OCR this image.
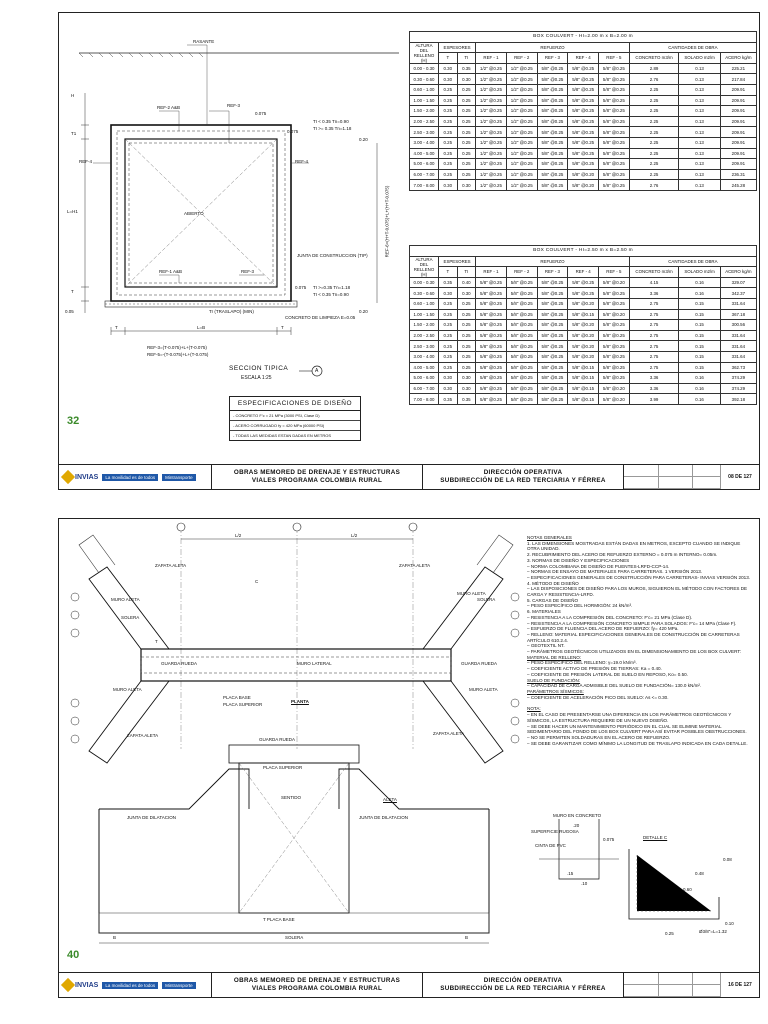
RASANTE
REF-2 A&B	REF-3
0.075
0.075
REF-4	REF-4
ABIERTO
REF-1 A&B	REF-3
0.05
T1
H
L=H1
T
L=B
T	T
TI < 0.35 Tn=0.90
TI >= 0.35 Tn=1.18
0.20
JUNTA DE CONSTRUCCION (TIP)
TI >=0.35 Tn=1.18
TI < 0.35 Tn=0.90
0.075
0.20
Tr (TRASLAPO) (MIN)
CONCRETO DE LIMPIEZA E=0.05
REF-3=(T-0.075)+L+(T-0.075)
REF-5=-(T-0.075)+L+(T-0.075)
REF-6=(H+T-0.075)+L+(H+T-0.075)
SECCION TIPICA	A
ESCALA 1:25
ESPECIFICACIONES DE DISEÑO
- CONCRETO F'c = 21 MPa (3000 PSI, Clase D)
- ACERO CORRUGADO fy = 420 MPa (60000 PSI)
- TODAS LAS MEDIDAS ESTAN DADAS EN METROS
BOX COULVERT - HI=2.00 m x B=2.00 m										
ALTURA DEL RELLENO (H)	ESPESORES		REFUERZO					CANTIDADES DE OBRA		
	T	TI	REF - 1	REF - 2	REF - 3	REF - 4	REF - 5	CONCRETO m3/m	SOLADO m2/m	ACERO kg/m
0.00 - 0.30	0.30	0.35	1/2" @0.25	1/2" @0.25	5/8" @0.25	5/8" @0.25	5/8" @0.25	2.89	0.13	225.21
0.30 - 0.60	0.30	0.30	1/2" @0.25	1/2" @0.25	5/8" @0.25	5/8" @0.25	5/8" @0.25	2.76	0.13	217.84
0.60 - 1.00	0.25	0.25	1/2" @0.25	1/2" @0.25	5/8" @0.25	5/8" @0.25	5/8" @0.25	2.25	0.13	209.91
1.00 - 1.50	0.25	0.25	1/2" @0.25	1/2" @0.25	5/8" @0.25	5/8" @0.25	5/8" @0.25	2.25	0.13	209.91
1.50 - 2.00	0.25	0.25	1/2" @0.25	1/2" @0.25	5/8" @0.25	5/8" @0.25	5/8" @0.25	2.25	0.13	209.91
2.00 - 2.50	0.25	0.25	1/2" @0.25	1/2" @0.25	5/8" @0.25	5/8" @0.25	5/8" @0.25	2.25	0.13	209.91
2.50 - 3.00	0.25	0.25	1/2" @0.25	1/2" @0.25	5/8" @0.25	5/8" @0.25	5/8" @0.25	2.25	0.13	209.91
3.00 - 4.00	0.25	0.25	1/2" @0.25	1/2" @0.25	5/8" @0.25	5/8" @0.25	5/8" @0.25	2.25	0.13	209.91
4.00 - 5.00	0.25	0.25	1/2" @0.25	1/2" @0.25	5/8" @0.25	5/8" @0.25	5/8" @0.25	2.25	0.13	209.91
5.00 - 6.00	0.25	0.25	1/2" @0.25	1/2" @0.25	5/8" @0.25	5/8" @0.25	5/8" @0.25	2.25	0.13	209.91
6.00 - 7.00	0.25	0.25	1/2" @0.25	1/2" @0.25	5/8" @0.25	5/8" @0.20	5/8" @0.25	2.25	0.13	236.31
7.00 - 8.00	0.30	0.30	1/2" @0.25	1/2" @0.25	5/8" @0.25	5/8" @0.20	5/8" @0.25	2.76	0.13	245.28
BOX COULVERT - HI=2.50 m x B=2.50 m										
ALTURA DEL RELLENO (H)	ESPESORES		REFUERZO					CANTIDADES DE OBRA		
	T	TI	REF - 1	REF - 2	REF - 3	REF - 4	REF - 5	CONCRETO m3/m	SOLADO m2/m	ACERO kg/m
0.00 - 0.30	0.35	0.40	5/8" @0.25	5/8" @0.25	5/8" @0.25	5/8" @0.25	5/8" @0.20	4.15	0.16	329.07
0.30 - 0.60	0.30	0.30	5/8" @0.25	5/8" @0.25	5/8" @0.25	5/8" @0.25	5/8" @0.25	3.36	0.16	342.37
0.60 - 1.00	0.25	0.25	5/8" @0.25	5/8" @0.25	5/8" @0.25	5/8" @0.20	5/8" @0.25	2.75	0.15	331.64
1.00 - 1.50	0.25	0.25	5/8" @0.25	5/8" @0.25	5/8" @0.25	5/8" @0.15	5/8" @0.20	2.75	0.15	367.18
1.50 - 2.00	0.25	0.25	5/8" @0.25	5/8" @0.25	5/8" @0.25	5/8" @0.20	5/8" @0.25	2.75	0.15	300.56
2.00 - 2.50	0.25	0.25	5/8" @0.25	5/8" @0.25	5/8" @0.25	5/8" @0.20	5/8" @0.25	2.75	0.15	331.64
2.50 - 3.00	0.25	0.25	5/8" @0.25	5/8" @0.25	5/8" @0.25	5/8" @0.20	5/8" @0.25	2.75	0.15	331.64
3.00 - 4.00	0.25	0.25	5/8" @0.25	5/8" @0.25	5/8" @0.25	5/8" @0.20	5/8" @0.25	2.75	0.15	331.64
4.00 - 5.00	0.25	0.25	5/8" @0.25	5/8" @0.25	5/8" @0.25	5/8" @0.15	5/8" @0.25	2.75	0.15	362.73
5.00 - 6.00	0.30	0.30	5/8" @0.25	5/8" @0.25	5/8" @0.25	5/8" @0.15	5/8" @0.25	3.36	0.16	374.29
6.00 - 7.00	0.30	0.30	5/8" @0.25	5/8" @0.25	5/8" @0.25	5/8" @0.15	5/8" @0.20	3.36	0.16	374.29
7.00 - 8.00	0.35	0.35	5/8" @0.25	5/8" @0.25	5/8" @0.25	5/8" @0.15	5/8" @0.20	3.99	0.16	392.18
32
INVIAS	La movilidad es de todos	Mintransporte
OBRAS MEMORED DE DRENAJE Y ESTRUCTURAS
VIALES PROGRAMA COLOMBIA RURAL
DIRECCIÓN OPERATIVA
SUBDIRECCIÓN DE LA RED TERCIARIA Y FÉRREA	08 DE 127
L/2	L/2
ZAPATA ALETA	ZAPATA ALETA
MURO ALETA
MURO ALETA
SOLERA
SOLERA
GUARDA RUEDA	GUARDA RUEDA
MURO LATERAL
C
T
MURO ALETA	MURO ALETA
PLACA BASE
PLACA SUPERIOR
PLANTA
ZAPATA ALETA	ZAPATA ALETA
GUARDA RUEDA
PLACA SUPERIOR
SENTIDO	ALETA
JUNTA DE DILATACION	JUNTA DE DILATACION
T PLACA BASE
SOLERA
B	B
MURO EN CONCRETO
SUPERFICIE RUGOSA
CINTA DE PVC
.20
0.075
.15
.10
DETALLE C
0.08
0.48
0.60
0.10
0.25	Ø3/8"=L=1.32

NOTAS GENERALES

1. LAS DIMENSIONES MOSTRADAS ESTÁN DADAS EN METROS, EXCEPTO CUANDO SE INDIQUE OTRA UNIDAD.

2. RECUBRIMIENTO DEL ACERO DE REFUERZO EXTERNO = 0.075 m INTERNO= 0.05m.

3. NORMAS DE DISEÑO Y ESPECIFICACIONES

– NORMA COLOMBIANA DE DISEÑO DE PUENTES-LRFD-CCP-14.

– NORMAS DE ENSAYO DE MATERIALES PARA CARRETERAS. 1 VERSIÓN 2013.

– ESPECIFICACIONES GENERALES DE CONSTRUCCIÓN PARA CARRETERAS- INVIAS VERSIÓN 2013.

4. MÉTODO DE DISEÑO

– LAS DISPOSICIONES DE DISEÑO PARA LOS MUROS, SIGUIERON EL MÉTODO CON FACTORES DE CARGA Y RESISTENCIA-LRFD.

5. CARGAS DE DISEÑO

– PESO ESPECÍFICO DEL HORMIGÓN: 24 kN/m³.

6. MATERIALES

– RESISTENCIA A LA COMPRESIÓN DEL CONCRETO: F'c= 21 MPa (Clase D).

– RESISTENCIA A LA COMPRESIÓN CONCRETO SIMPLE PARA SOLADOS: F'c= 14 MPa (Clase F).

– ESFUERZO DE FLUENCIA DEL ACERO DE REFUERZO: fy= 420 MPa.

– RELLENO: MATERIAL ESPECIFICACIONES GENERALES DE CONSTRUCCIÓN DE CARRETERAS ARTÍCULO 610.2.4.

– GEOTEXTIL NT.

– PARÁMETROS GEOTÉCNICOS UTILIZADOS EN EL DIMENSIONAMIENTO DE LOS BOX CULVERT:

MATERIAL DE RELLENO:

– PESO ESPECÍFICO DEL RELLENO: γ=19.0 kN/m³.

– COEFICIENTE ACTIVO DE PRESIÓN DE TIERRAS: Ka = 0.40.

– COEFICIENTE DE PRESIÓN LATERAL DE SUELO EN REPOSO, Ko= 0.50.

SUELO DE FUNDACIÓN:

– CAPACIDAD DE CARGA ADMISIBLE DEL SUELO DE FUNDACIÓN= 130.0 kN/m².

PARÁMETROS SÍSMICOS:

– COEFICIENTE DE ACELERACIÓN PICO DEL SUELO: As <= 0.30.

NOTA:

– EN EL CASO DE PRESENTARSE UNA DIFERENCIA EN LOS PARÁMETROS GEOTÉCNICOS Y SÍSMICOS, LA ESTRUCTURA REQUIERE DE UN NUEVO DISEÑO.

– SE DEBE HACER UN MANTENIMIENTO PERIÓDICO EN EL CUAL SE ELIMINE MATERIAL SEDIMENTARIO DEL FONDO DE LOS BOX CULVERT PARA ASÍ EVITAR POSIBLES OBSTRUCCIONES.

– NO SE PERMITEN SOLDADURAS EN EL ACERO DE REFUERZO.

– SE DEBE GARANTIZAR COMO MÍNIMO LA LONGITUD DE TRASLAPO INDICADA EN CADA DETALLE.

40
INVIAS	La movilidad es de todos	Mintransporte
OBRAS MEMORED DE DRENAJE Y ESTRUCTURAS
VIALES PROGRAMA COLOMBIA RURAL
DIRECCIÓN OPERATIVA
SUBDIRECCIÓN DE LA RED TERCIARIA Y FÉRREA	16 DE 127
